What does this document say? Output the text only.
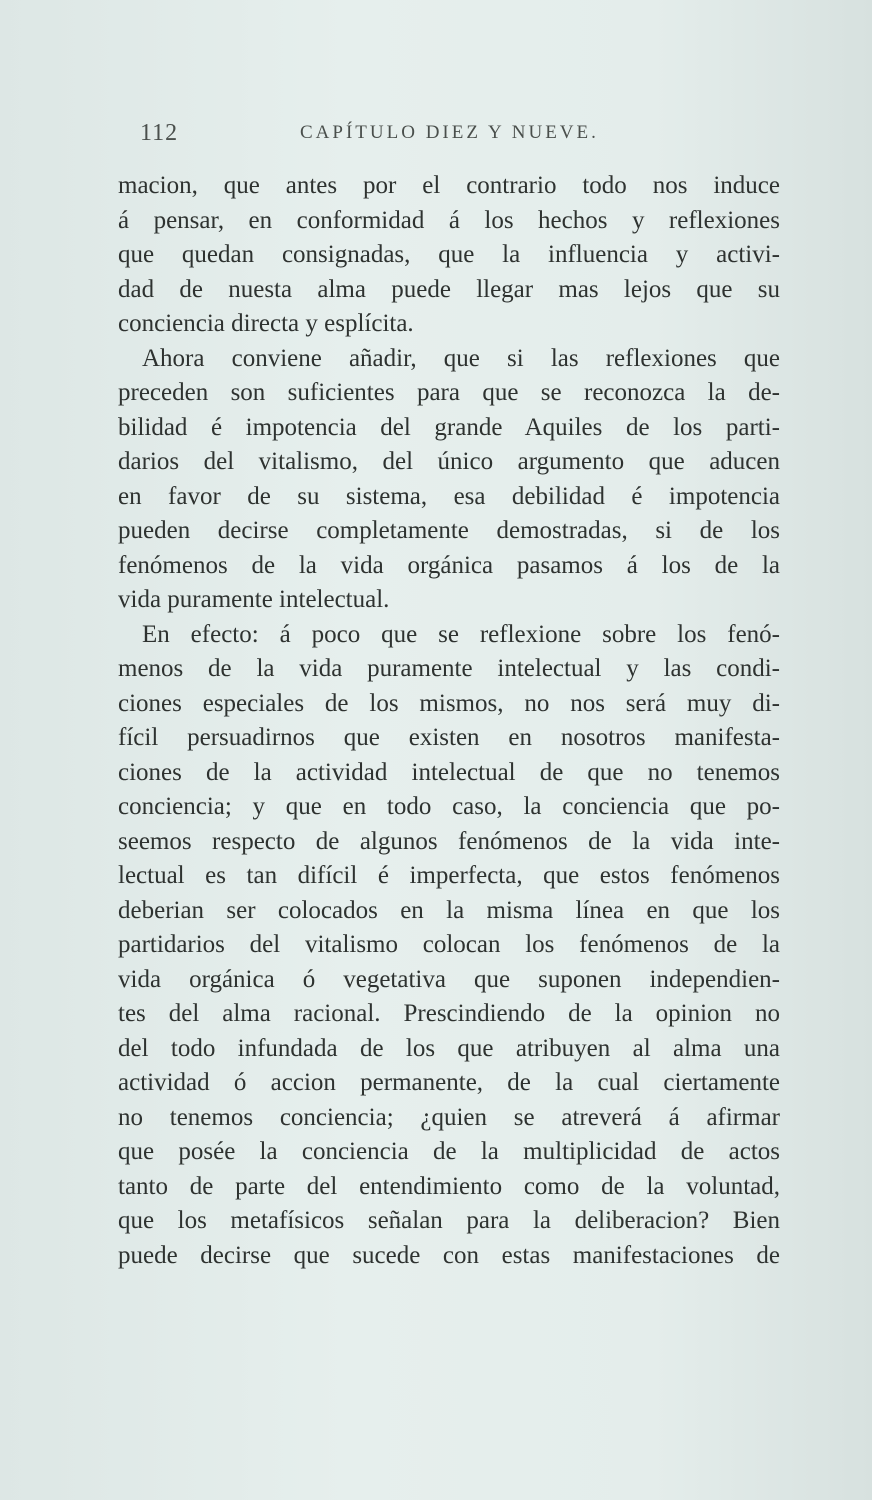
112	CAPÍTULO DIEZ Y NUEVE.
macion, que antes por el contrario todo nos induce
á pensar, en conformidad á los hechos y reflexiones
que quedan consignadas, que la influencia y activi-
dad de nuesta alma puede llegar mas lejos que su
conciencia directa y esplícita.
Ahora conviene añadir, que si las reflexiones que
preceden son suficientes para que se reconozca la de-
bilidad é impotencia del grande Aquiles de los parti-
darios del vitalismo, del único argumento que aducen
en favor de su sistema, esa debilidad é impotencia
pueden decirse completamente demostradas, si de los
fenómenos de la vida orgánica pasamos á los de la
vida puramente intelectual.
En efecto: á poco que se reflexione sobre los fenó-
menos de la vida puramente intelectual y las condi-
ciones especiales de los mismos, no nos será muy di-
fícil persuadirnos que existen en nosotros manifesta-
ciones de la actividad intelectual de que no tenemos
conciencia; y que en todo caso, la conciencia que po-
seemos respecto de algunos fenómenos de la vida inte-
lectual es tan difícil é imperfecta, que estos fenómenos
deberian ser colocados en la misma línea en que los
partidarios del vitalismo colocan los fenómenos de la
vida orgánica ó vegetativa que suponen independien-
tes del alma racional. Prescindiendo de la opinion no
del todo infundada de los que atribuyen al alma una
actividad ó accion permanente, de la cual ciertamente
no tenemos conciencia; ¿quien se atreverá á afirmar
que posée la conciencia de la multiplicidad de actos
tanto de parte del entendimiento como de la voluntad,
que los metafísicos señalan para la deliberacion? Bien
puede decirse que sucede con estas manifestaciones de
